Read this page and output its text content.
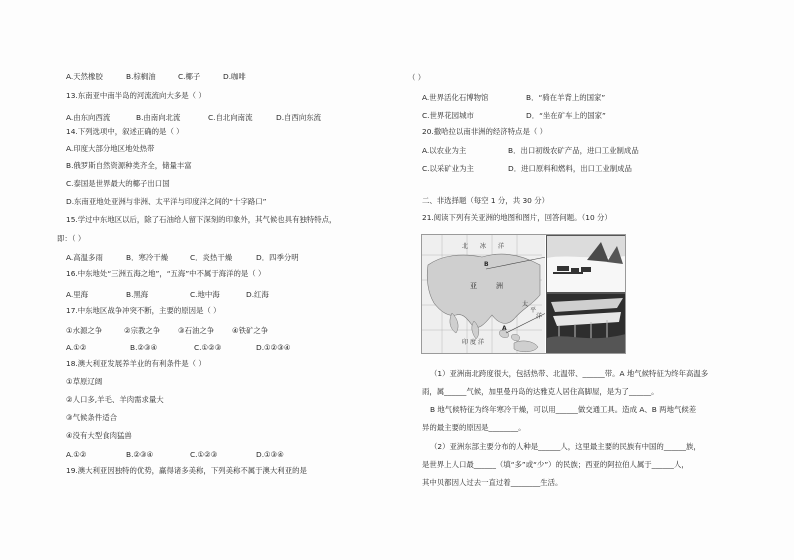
A.天然橡胶	B.棕榈油	C.椰子	D.咖啡
13.东南亚中南半岛的河流流向大多是（ ）
A.由东向西流	B.由南向北流	C.自北向南流	D.自西向东流
14.下列选项中，叙述正确的是（ ）
A.印度大部分地区地处热带
B.俄罗斯自然资源种类齐全，储量丰富
C.泰国是世界最大的椰子出口国
D.东南亚地处亚洲与非洲、太平洋与印度洋之间的“十字路口”
15.学过中东地区以后，除了石油给人留下深刻的印象外，其气候也具有独特特点，
即：（ ）
A.高温多雨	B．寒冷干燥	C．炎热干燥	D．四季分明
16.中东地处“三洲五海之地”，“五海”中不属于海洋的是（ ）
A.里海	B.黑海	C.地中海	D.红海
17.中东地区战争冲突不断，主要的原因是（ ）
①水源之争	②宗教之争 ③石油之争 ④铁矿之争
A.①②	B.②③④	C.①②③	D.①②③④
18.澳大利亚发展养羊业的有利条件是（ ）
①草原辽阔
②人口多,羊毛、羊肉需求量大
③气候条件适合
④没有大型食肉猛兽
A.①②	B.②③④	C.①②③	D.①③④
19.澳大利亚因独特的优势，赢得诸多美称，下列美称不属于澳大利亚的是
（ ）
A.世界活化石博物馆	B．“骑在羊背上的国家”
C.世界花园城市	D．“坐在矿车上的国家”
20.撒哈拉以南非洲的经济特点是（ ）
A.以农业为主	B．出口初级农矿产品，进口工业制成品
C.以采矿业为主	D．进口原料和燃料，出口工业制成品
二、非选择题（每空 1 分，共 30 分）
21.阅读下列有关亚洲的地图和图片，回答问题。（10 分）
（1）亚洲南北跨度很大，包括热带、北温带、______带。A 地气候特征为终年高温多
雨，属______气候，加里曼丹岛的达雅克人居住高脚屋，是为了______。
B 地气候特征为终年寒冷干燥，可以用______做交通工具。造成 A、B 两地气候差
异的最主要的原因是________。
（2）亚洲东部主要分布的人种是______人，这里最主要的民族有中国的______族，
是世界上人口最______（填“多”或“少”）的民族；西亚的阿拉伯人属于______人，
其中贝都因人过去一直过着________生活。
北 冰 洋
亚	洲
太
平
洋
印 度 洋
A
B
